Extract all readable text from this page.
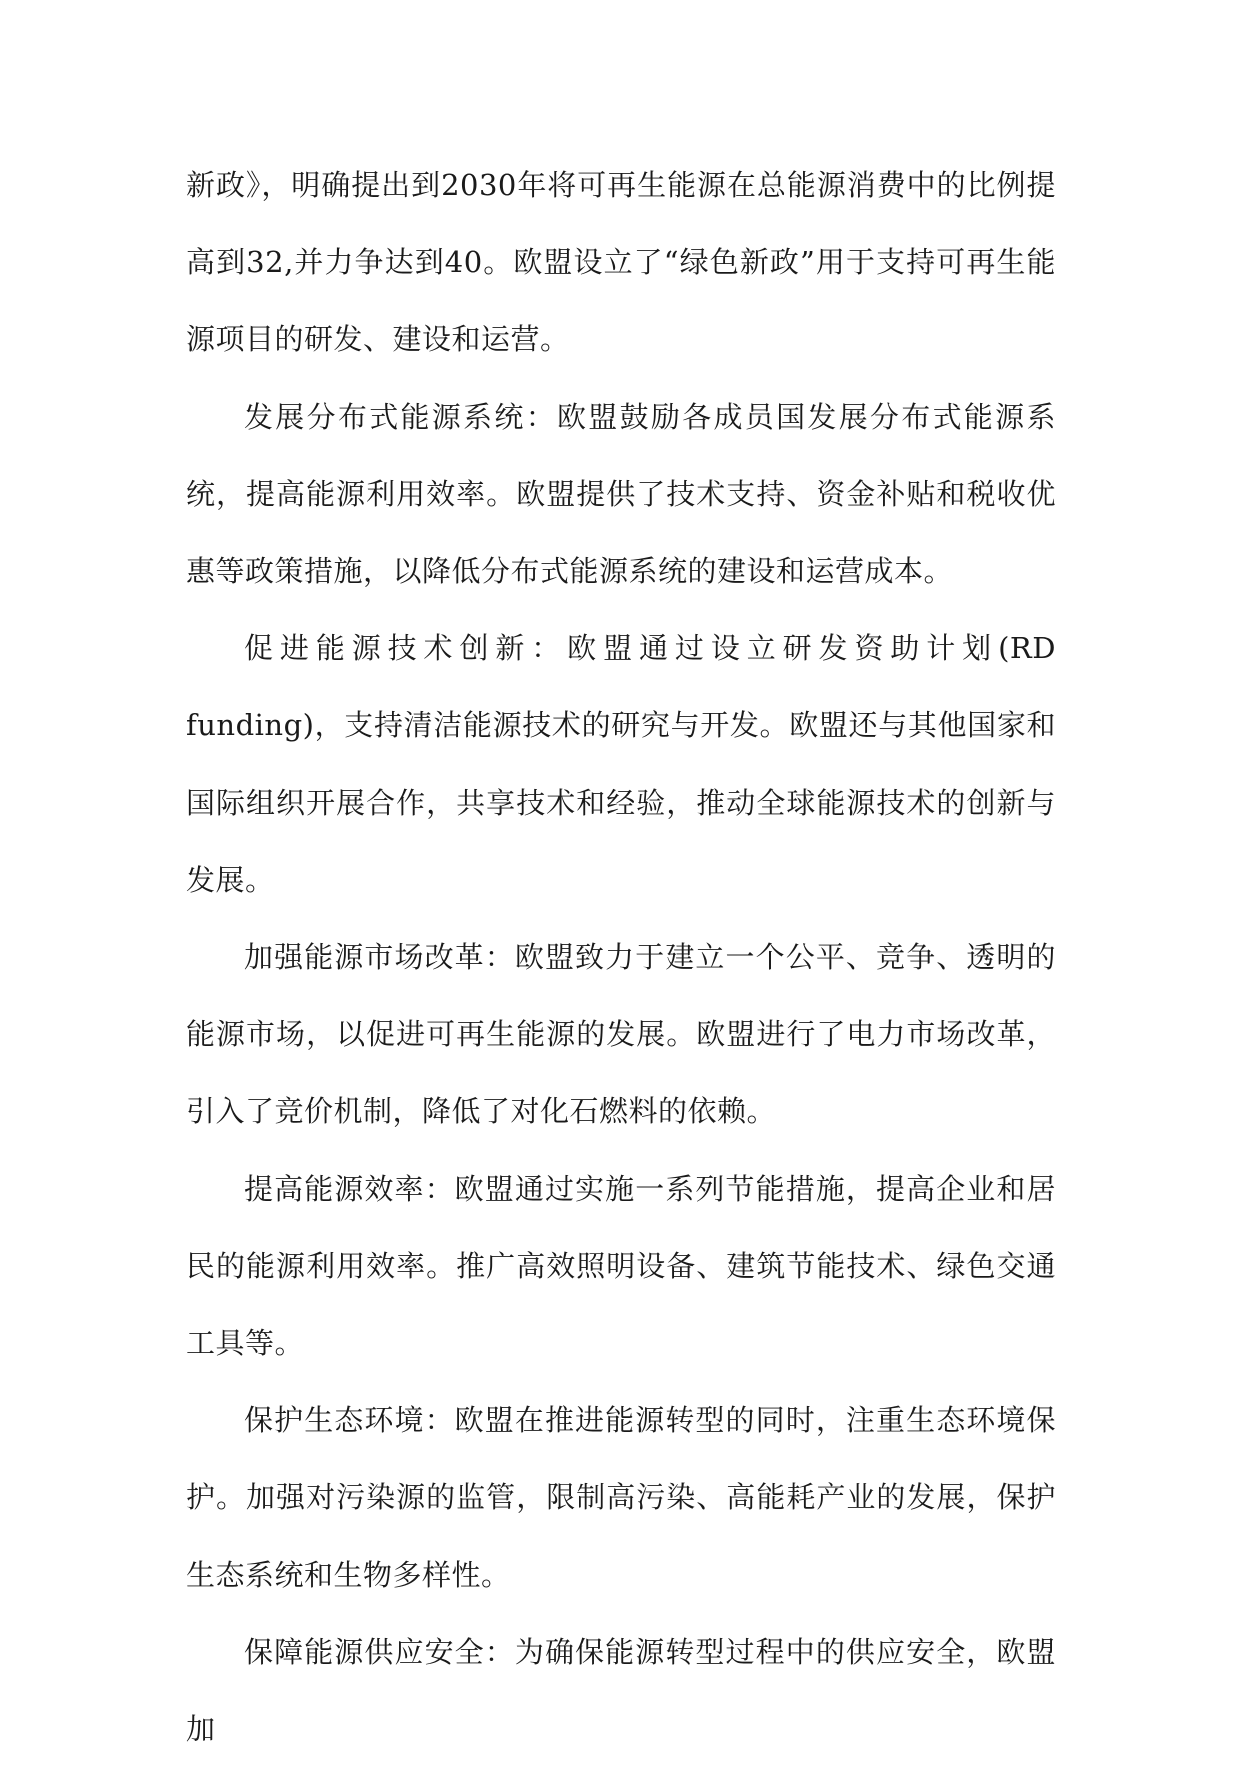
新政》，明确提出到2030年将可再生能源在总能源消费中的比例提高到32,并力争达到40。欧盟设立了“绿色新政”用于支持可再生能源项目的研发、建设和运营。

发展分布式能源系统：欧盟鼓励各成员国发展分布式能源系统，提高能源利用效率。欧盟提供了技术支持、资金补贴和税收优惠等政策措施，以降低分布式能源系统的建设和运营成本。

促进能源技术创新：欧盟通过设立研发资助计划(RD funding)，支持清洁能源技术的研究与开发。欧盟还与其他国家和国际组织开展合作，共享技术和经验，推动全球能源技术的创新与发展。

加强能源市场改革：欧盟致力于建立一个公平、竞争、透明的能源市场，以促进可再生能源的发展。欧盟进行了电力市场改革，引入了竞价机制，降低了对化石燃料的依赖。

提高能源效率：欧盟通过实施一系列节能措施，提高企业和居民的能源利用效率。推广高效照明设备、建筑节能技术、绿色交通工具等。

保护生态环境：欧盟在推进能源转型的同时，注重生态环境保护。加强对污染源的监管，限制高污染、高能耗产业的发展，保护生态系统和生物多样性。

保障能源供应安全：为确保能源转型过程中的供应安全，欧盟加
